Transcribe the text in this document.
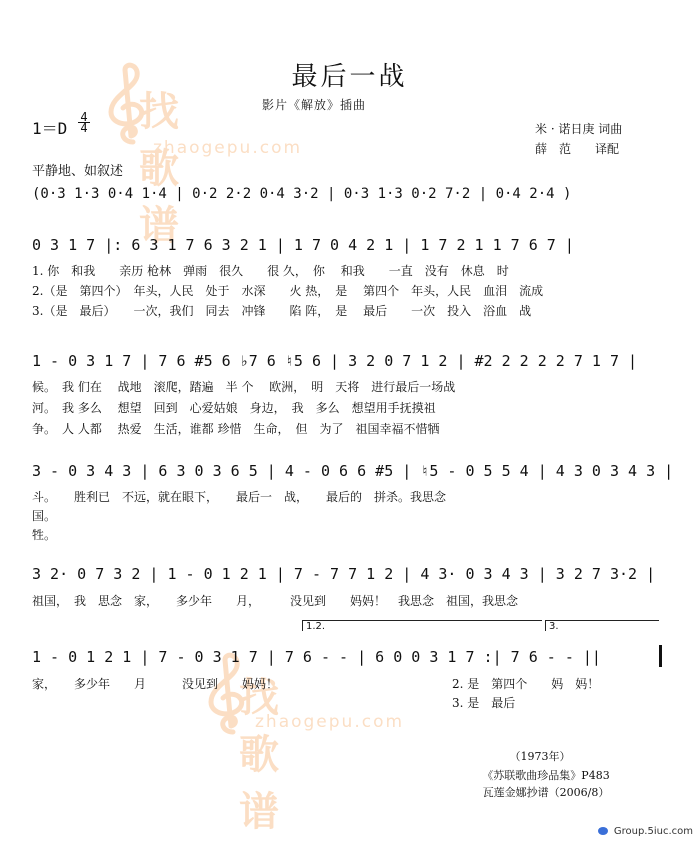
找歌谱
zhaogepu.com
找歌谱
zhaogepu.com
最后一战
影片《解放》插曲
1＝D
4
4	米 · 诺日庚 词曲
薛　范　　译配
平静地、如叙述
(0·3 1·3 0·4 1·4 | 0·2 2·2 0·4 3·2 | 0·3 1·3 0·2 7·2 | 0·4 2·4 )
0 3 1 7 |: 6 3 1 7 6 3 2 1 | 1 7 0 4 2 1 | 1 7 2 1 1 7 6 7 |
1. 你　和我　　亲历 枪林　弹雨　很久　　很 久，　你　 和我　　一直　没有　休息　时
2.（是　第四个）　年头，人民　处于　水深　　火 热，　是　 第四个　年头，人民　血泪　流成
3.（是　最后）　　一次，我们　同去　冲锋　　陷 阵，　是　 最后　　一次　投入　浴血　战
1 - 0 3 1 7 | 7 6 #5 6 ♭7 6 ♮5 6 | 3 2 0 7 1 2 | #2 2 2 2 2 7 1 7 |
候。　我 们在　 战地　滚爬，踏遍　半 个　 欧洲，　明　天将　进行最后一场战
河。　我 多么　 想望　回到　心爱姑娘　身边，　我　多么　想望用手抚摸祖
争。　人 人都　 热爱　生活，谁都 珍惜　生命，　但　为了　祖国幸福不惜牺
3 - 0 3 4 3 | 6 3 0 3 6 5 | 4 - 0 6 6 #5 | ♮5 - 0 5 5 4 | 4 3 0 3 4 3 |
斗。　　胜利已　不远，就在眼下，　　最后一　战，　　最后的　拼杀。我思念
国。
牲。
3 2· 0 7 3 2 | 1 - 0 1 2 1 | 7 - 7 7 1 2 | 4 3· 0 3 4 3 | 3 2 7 3·2 |
祖国，　我　思念　家，　　多少年　　月，　　　没见到　　妈妈！　我思念　祖国，我思念
1.2.	3.
1 - 0 1 2 1 | 7 - 0 3 1 7 | 7 6 - - | 6 0 0 3 1 7 :| 7 6 - - ||
家，　　多少年　　月　　　没见到　　妈妈！	2. 是　第四个　　妈　妈！
3. 是　最后
（1973年）
《苏联歌曲珍品集》P483
瓦莲金娜抄谱（2006/8）
Group.5iuc.com
